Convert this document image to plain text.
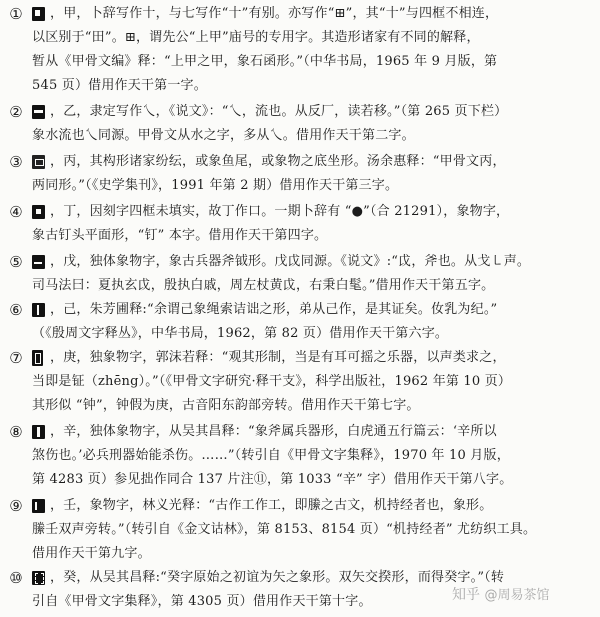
①	，甲，卜辞写作十，与七写作“十”有别。亦写作“⊞”，其“十”与四框不相连，
以区别于“田”。⊞，谓先公“上甲”庙号的专用字。其造形诸家有不同的解释，
暂从《甲骨文编》释：“上甲之甲，象石函形。”（中华书局，1965 年 9 月版，第
545 页）借用作天干第一字。
②	，乙，隶定写作乀，《说文》：“乀，流也。从反厂，读若移。”（第 265 页下栏）
象水流也乀同源。甲骨文从水之字，多从乀。借用作天干第二字。
③	，丙，其构形诸家纷纭，或象鱼尾，或象物之底坐形。汤余惠释：“甲骨文丙，
两同形。”（《史学集刊》，1991 年第 2 期）借用作天干第三字。
④	，丁，因刻字四框未填实，故丁作口。一期卜辞有 “●”（合 21291），象物字，
象古钉头平面形，“钉” 本字。借用作天干第四字。
⑤	，戊，独体象物字，象古兵器斧钺形。戊戉同源。《说文》:“戉，斧也。从戈㇄声。
司马法曰：夏执玄戉，殷执白戚，周左杖黄戉，右秉白髦。”借用作天干第五字。
⑥	，己，朱芳圃释:“余谓己象绳索诘诎之形，弟从己作，是其证矣。㚢乳为纪。”
（《殷周文字释丛》，中华书局，1962，第 82 页）借用作天干第六字。
⑦	，庚，独象物字，郭沫若释：“观其形制，当是有耳可摇之乐器，以声类求之，
当即是钲（zhēng）。”（《甲骨文字研究·释干支》，科学出版社，1962 年第 10 页）
其形似 “钟”，钟假为庚，古音阳东韵部旁转。借用作天干第七字。
⑧	，辛，独体象物字，从吴其昌释：“象斧属兵器形，白虎通五行篇云：‘辛所以
煞伤也。’必兵刑器始能杀伤。……”（转引自《甲骨文字集释》，1970 年 10 月版，
第 4283 页）参见拙作同合 137 片注⑪，第 1033 “辛” 字）借用作天干第八字。
⑨	，壬，象物字，林义光释：“古作工作工，即縢之古文，机持经者也，象形。
縢壬双声旁转。”（转引自《金文诂林》，第 8153、8154 页）“机持经者” 尤纺织工具。
借用作天干第九字。
⑩	，癸，从吴其昌释:“癸字原始之初谊为矢之象形。双矢交揆形，而得癸字。”（转
引自《甲骨文字集释》，第 4305 页）借用作天干第十字。	知乎 @周易茶馆
